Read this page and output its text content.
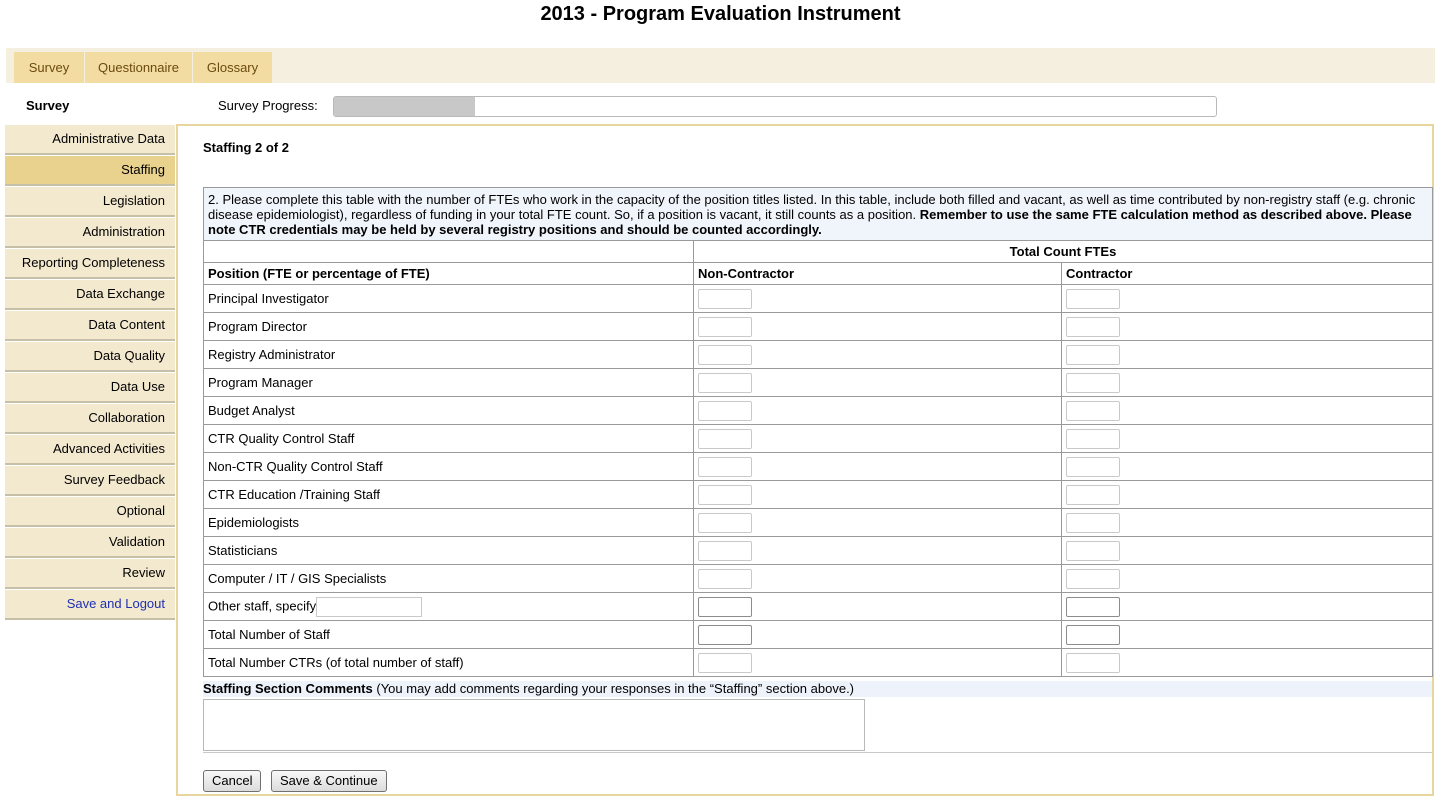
2013 - Program Evaluation Instrument
Survey	Questionnaire	Glossary
Survey	Survey Progress:
Administrative Data
Staffing
Legislation
Administration
Reporting Completeness
Data Exchange
Data Content
Data Quality
Data Use
Collaboration
Advanced Activities
Survey Feedback
Optional
Validation
Review
Save and Logout
Staffing 2 of 2
2. Please complete this table with the number of FTEs who work in the capacity of the position titles listed. In this table, include both filled and vacant, as well as time contributed by non-registry staff (e.g. chronic disease epidemiologist), regardless of funding in your total FTE count. So, if a position is vacant, it still counts as a position. Remember to use the same FTE calculation method as described above. Please note CTR credentials may be held by several registry positions and should be counted accordingly.		
	Total Count FTEs	
Position (FTE or percentage of FTE)	Non-Contractor	Contractor
Principal Investigator	

Program Director	

Registry Administrator	

Program Manager	

Budget Analyst	

CTR Quality Control Staff	

Non-CTR Quality Control Staff	

CTR Education /Training Staff	

Epidemiologists	

Statisticians	

Computer / IT / GIS Specialists	

Other staff, specify	

Total Number of Staff	

Total Number CTRs (of total number of staff)	

Staffing Section Comments (You may add comments regarding your responses in the “Staffing” section above.)
Cancel	Save & Continue
